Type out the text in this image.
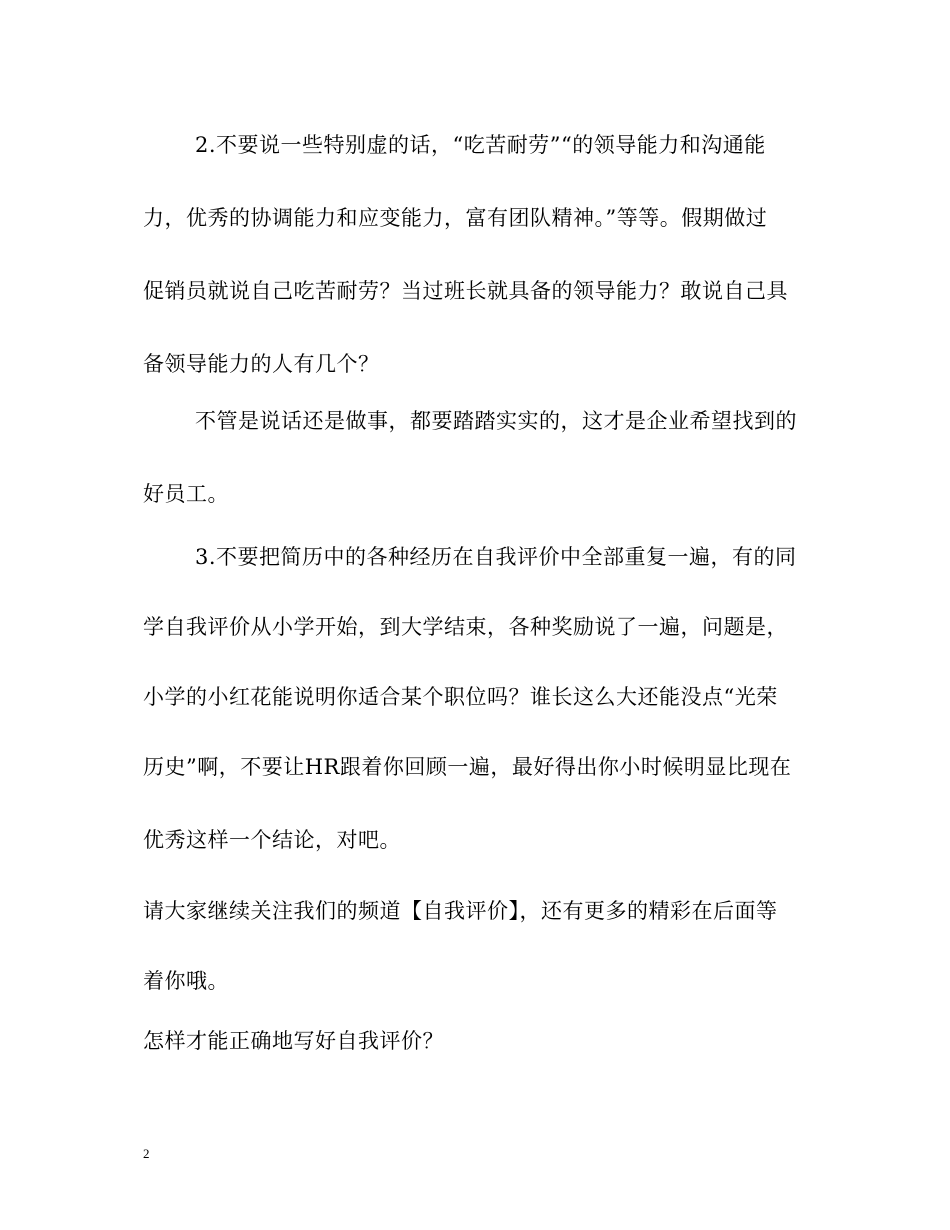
2.不要说一些特别虚的话，“吃苦耐劳”“的领导能力和沟通能
力，优秀的协调能力和应变能力，富有团队精神。”等等。假期做过
促销员就说自己吃苦耐劳？当过班长就具备的领导能力？敢说自己具
备领导能力的人有几个？
不管是说话还是做事，都要踏踏实实的，这才是企业希望找到的
好员工。
3.不要把简历中的各种经历在自我评价中全部重复一遍，有的同
学自我评价从小学开始，到大学结束，各种奖励说了一遍，问题是，
小学的小红花能说明你适合某个职位吗？谁长这么大还能没点“光荣
历史”啊，不要让HR跟着你回顾一遍，最好得出你小时候明显比现在
优秀这样一个结论，对吧。
请大家继续关注我们的频道【自我评价】，还有更多的精彩在后面等
着你哦。
怎样才能正确地写好自我评价？
2
